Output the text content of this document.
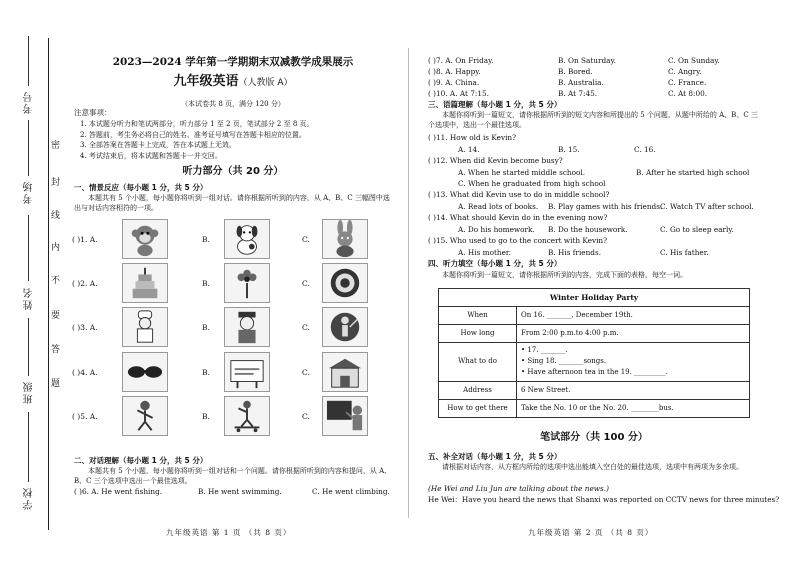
考号
考场
姓名
班级
学校
密
封
线
内
不
要
答
题
2023—2024 学年第一学期期末双减教学成果展示
九年级英语（人教版 A）
（本试卷共 8 页，满分 120 分）
注意事项：
1. 本试题分听力和笔试两部分，听力部分 1 至 2 页，笔试部分 2 至 8 页。
2. 答题前，考生务必将自己的姓名、准考证号填写在答题卡相应的位置。
3. 全部答案在答题卡上完成，答在本试题上无效。
4. 考试结束后，将本试题和答题卡一并交回。
听力部分（共 20 分）
一、情景反应（每小题 1 分，共 5 分）
本题共有 5 个小题，每小题你将听到一组对话。请你根据所听到的内容，从 A、B、C 三幅图中选出与对话内容相符的一项。
( )1. A.	B.	C.
( )2. A.	B.	C.
( )3. A.	B.	C.
( )4. A.	B.	C.
( )5. A.	B.	C.
二、对话理解（每小题 1 分，共 5 分）
本题共有 5 个小题，每小题你将听到一组对话和一个问题。请你根据所听到的内容和提问，从 A、B、C 三个选项中选出一个最佳选项。
( )6. A. He went fishing.	B. He went swimming.	C. He went climbing.
九年级英语 第 1 页 （共 8 页）
( )7. A. On Friday.	B. On Saturday.	C. On Sunday.
( )8. A. Happy.	B. Bored.	C. Angry.
( )9. A. China.	B. Australia.	C. France.
( )10. A. At 7:15.	B. At 7:45.	C. At 8:00.
三、语篇理解（每小题 1 分，共 5 分）
本题你将听到一篇短文，请你根据所听到的短文内容和所提出的 5 个问题，从题中所给的 A、B、C 三个选项中，选出一个最佳选项。
( )11. How old is Kevin?
A. 14.	B. 15.	C. 16.
( )12. When did Kevin become busy?
A. When he started middle school.	B. After he started high school
C. When he graduated from high school
( )13. What did Kevin use to do in middle school?
A. Read lots of books. B. Play games with his friends.
C. Watch TV after school.
( )14. What should Kevin do in the evening now?
A. Do his homework. B. Do the housework.	C. Go to sleep early.
( )15. Who used to go to the concert with Kevin?
A. His mother.	B. His friends.	C. His father.
四、听力填空（每小题 1 分，共 5 分）
本题你将听到一篇短文，请你根据所听到的内容，完成下面的表格，每空一词。
Winter Holiday Party	
When	On 16. _______, December 19th.
How long	From 2:00 p.m.to 4:00 p.m.
What to do	• 17. _______.
• Sing 18. _______songs.
• Have afternoon tea in the 19. _________.

Address	6 New Street.
How to get there	Take the No. 10 or the No. 20. ________bus.
笔试部分（共 100 分）
五、补全对话（每小题 1 分，共 5 分）
请根据对话内容，从方框内所给的选项中选出能填入空白处的最佳选项，选项中有两项为多余项。
(He Wei and Liu Jun are talking about the news.)
He Wei：Have you heard the news that Shanxi was reported on CCTV news for three minutes?
九年级英语 第 2 页 （共 8 页）
